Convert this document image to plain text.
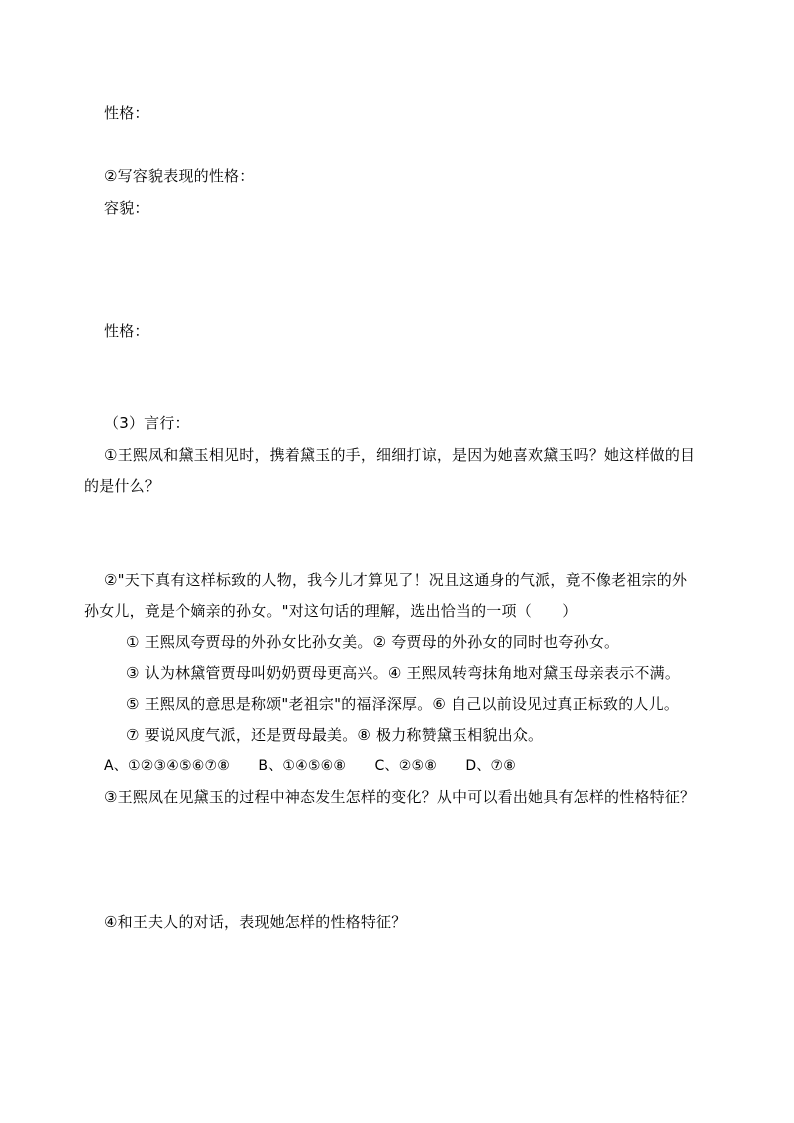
性格：
②写容貌表现的性格：
容貌：
性格：
（3）言行：
①王熙凤和黛玉相见时，携着黛玉的手，细细打谅，是因为她喜欢黛玉吗？她这样做的目
的是什么？
②"天下真有这样标致的人物，我今儿才算见了！况且这通身的气派，竟不像老祖宗的外
孙女儿，竟是个嫡亲的孙女。"对这句话的理解，选出恰当的一项（　　）
① 王熙凤夸贾母的外孙女比孙女美。② 夸贾母的外孙女的同时也夸孙女。
③ 认为林黛管贾母叫奶奶贾母更高兴。④ 王熙凤转弯抹角地对黛玉母亲表示不满。
⑤ 王熙凤的意思是称颂"老祖宗"的福泽深厚。⑥ 自己以前设见过真正标致的人儿。
⑦ 要说风度气派，还是贾母最美。⑧ 极力称赞黛玉相貌出众。
A、①②③④⑤⑥⑦⑧　　B、①④⑤⑥⑧　　C、②⑤⑧　　D、⑦⑧
③王熙凤在见黛玉的过程中神态发生怎样的变化？从中可以看出她具有怎样的性格特征？
④和王夫人的对话，表现她怎样的性格特征？
